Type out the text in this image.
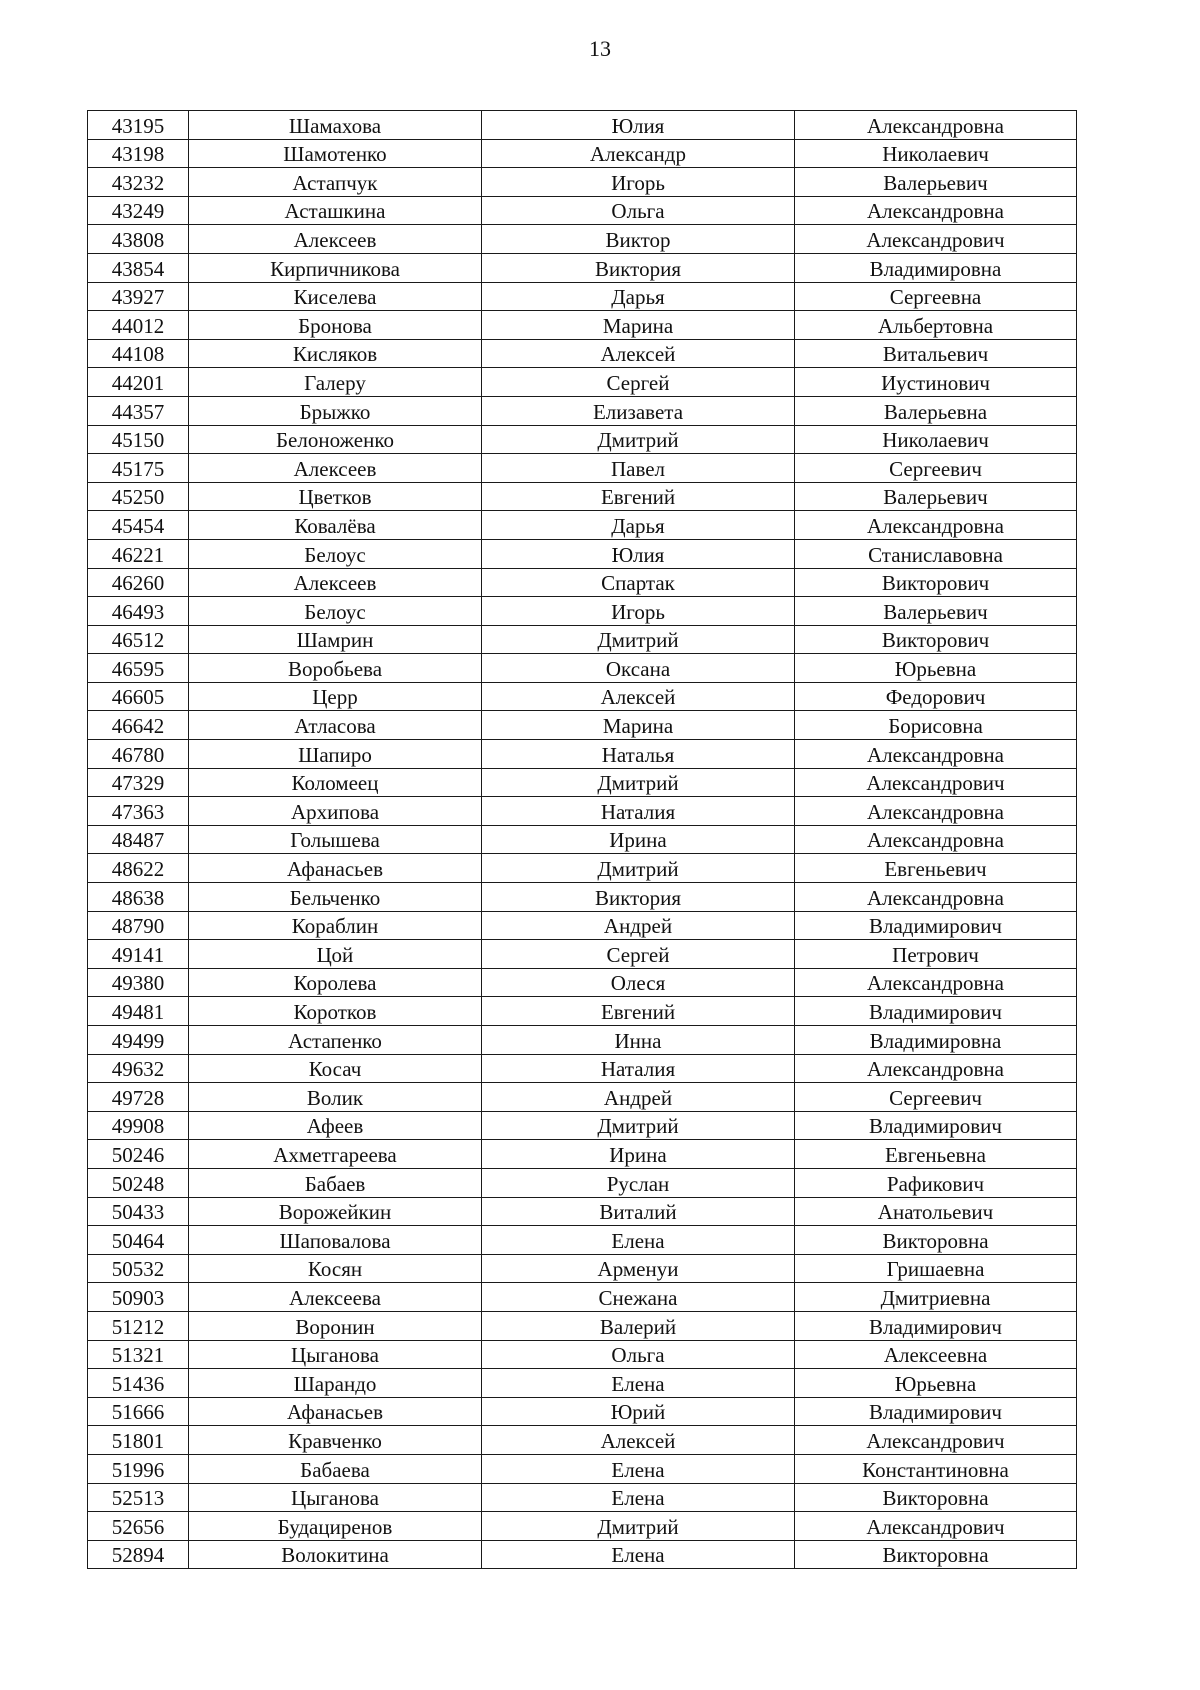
13
43195	Шамахова	Юлия	Александровна
43198	Шамотенко	Александр	Николаевич
43232	Астапчук	Игорь	Валерьевич
43249	Асташкина	Ольга	Александровна
43808	Алексеев	Виктор	Александрович
43854	Кирпичникова	Виктория	Владимировна
43927	Киселева	Дарья	Сергеевна
44012	Бронова	Марина	Альбертовна
44108	Кисляков	Алексей	Витальевич
44201	Галеру	Сергей	Иустинович
44357	Брыжко	Елизавета	Валерьевна
45150	Белоноженко	Дмитрий	Николаевич
45175	Алексеев	Павел	Сергеевич
45250	Цветков	Евгений	Валерьевич
45454	Ковалёва	Дарья	Александровна
46221	Белоус	Юлия	Станиславовна
46260	Алексеев	Спартак	Викторович
46493	Белоус	Игорь	Валерьевич
46512	Шамрин	Дмитрий	Викторович
46595	Воробьева	Оксана	Юрьевна
46605	Церр	Алексей	Федорович
46642	Атласова	Марина	Борисовна
46780	Шапиро	Наталья	Александровна
47329	Коломеец	Дмитрий	Александрович
47363	Архипова	Наталия	Александровна
48487	Голышева	Ирина	Александровна
48622	Афанасьев	Дмитрий	Евгеньевич
48638	Бельченко	Виктория	Александровна
48790	Кораблин	Андрей	Владимирович
49141	Цой	Сергей	Петрович
49380	Королева	Олеся	Александровна
49481	Коротков	Евгений	Владимирович
49499	Астапенко	Инна	Владимировна
49632	Косач	Наталия	Александровна
49728	Волик	Андрей	Сергеевич
49908	Афеев	Дмитрий	Владимирович
50246	Ахметгареева	Ирина	Евгеньевна
50248	Бабаев	Руслан	Рафикович
50433	Ворожейкин	Виталий	Анатольевич
50464	Шаповалова	Елена	Викторовна
50532	Косян	Арменуи	Гришаевна
50903	Алексеева	Снежана	Дмитриевна
51212	Воронин	Валерий	Владимирович
51321	Цыганова	Ольга	Алексеевна
51436	Шарандо	Елена	Юрьевна
51666	Афанасьев	Юрий	Владимирович
51801	Кравченко	Алексей	Александрович
51996	Бабаева	Елена	Константиновна
52513	Цыганова	Елена	Викторовна
52656	Будациренов	Дмитрий	Александрович
52894	Волокитина	Елена	Викторовна
